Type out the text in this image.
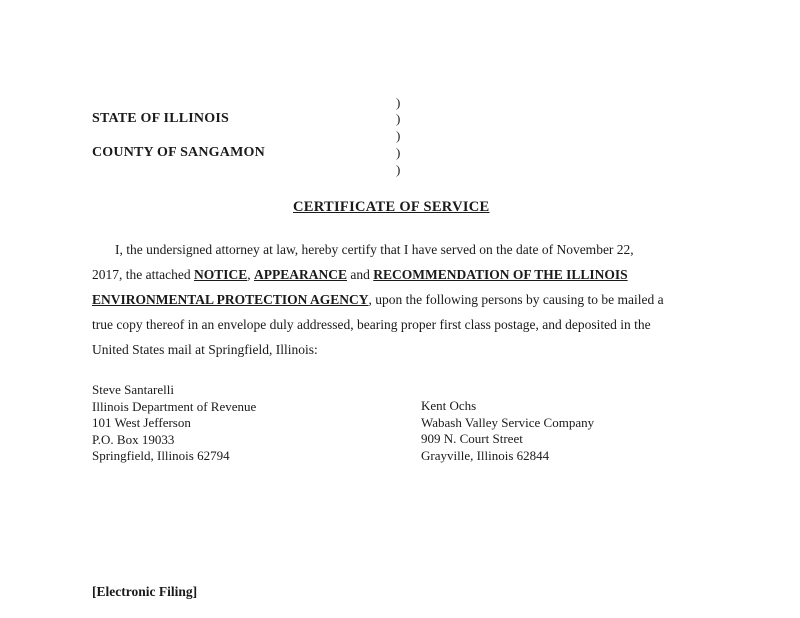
)
)
)
)
)
STATE OF ILLINOIS
COUNTY OF SANGAMON
CERTIFICATE OF SERVICE
I, the undersigned attorney at law, hereby certify that I have served on the date of November 22,
2017, the attached NOTICE, APPEARANCE and RECOMMENDATION OF THE ILLINOIS
ENVIRONMENTAL PROTECTION AGENCY, upon the following persons by causing to be mailed a
true copy thereof in an envelope duly addressed, bearing proper first class postage, and deposited in the
United States mail at Springfield, Illinois:
Steve Santarelli
Illinois Department of Revenue
101 West Jefferson
P.O. Box 19033
Springfield, Illinois 62794
Kent Ochs
Wabash Valley Service Company
909 N. Court Street
Grayville, Illinois 62844
[Electronic Filing]
